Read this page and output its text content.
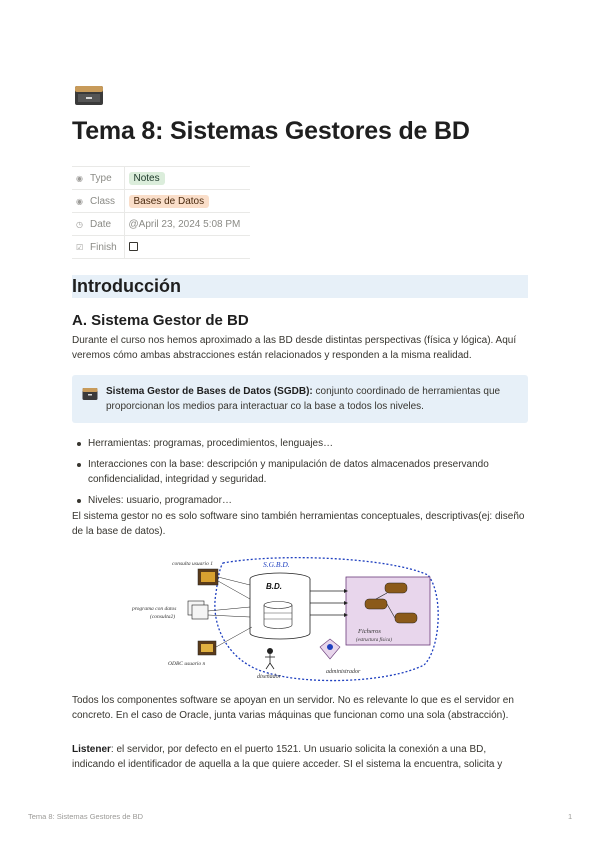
Tema 8: Sistemas Gestores de BD
◉ Type	Notes
◉ Class	Bases de Datos
◷ Date	@April 23, 2024 5:08 PM
☑ Finish	
Introducción
A. Sistema Gestor de BD

Durante el curso nos hemos aproximado a las BD desde distintas perspectivas (física y lógica). Aquí veremos cómo ambas abstracciones están relacionados y responden a la misma realidad.

Sistema Gestor de Bases de Datos (SGDB): conjunto coordinado de herramientas que proporcionan los medios para interactuar co la base a todos los niveles.
Herramientas: programas, procedimientos, lenguajes…
Interacciones con la base: descripción y manipulación de datos almacenados preservando confidencialidad, integridad y seguridad.
Niveles: usuario, programador…

El sistema gestor no es solo software sino también herramientas conceptuales, descriptivas(ej: diseño de la base de datos).

S.G.B.D.
B.D.
Ficheros
(estructura física)
consulta usuario 1
programa con datos
(consulta2)
ODBC usuario n
diseñador
administrador

Todos los componentes software se apoyan en un servidor. No es relevante lo que es el servidor en concreto. En el caso de Oracle, junta varias máquinas que funcionan como una sola (abstracción).

Listener: el servidor, por defecto en el puerto 1521. Un usuario solicita la conexión a una BD, indicando el identificador de aquella a la que quiere acceder. SI el sistema la encuentra, solicita y

Tema 8: Sistemas Gestores de BD	1
